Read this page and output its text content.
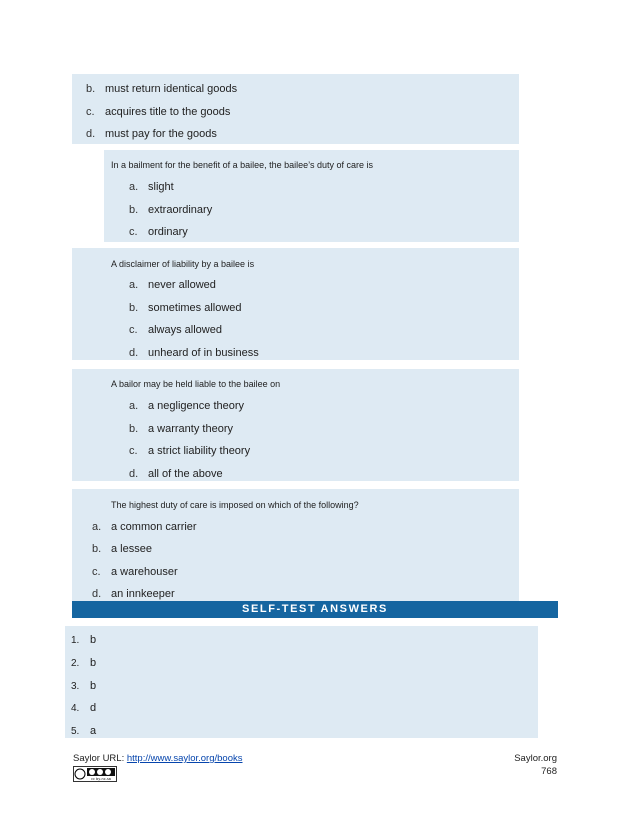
b. must return identical goods
c. acquires title to the goods
d. must pay for the goods
In a bailment for the benefit of a bailee, the bailee’s duty of care is
a. slight
b. extraordinary
c. ordinary
A disclaimer of liability by a bailee is
a. never allowed
b. sometimes allowed
c. always allowed
d. unheard of in business
A bailor may be held liable to the bailee on
a. a negligence theory
b. a warranty theory
c. a strict liability theory
d. all of the above
The highest duty of care is imposed on which of the following?
a. a common carrier
b. a lessee
c. a warehouser
d. an innkeeper
SELF-TEST ANSWERS
1. b
2. b
3. b
4. d
5. a
Saylor URL: http://www.saylor.org/books
cc by-nc-sa
Saylor.org
768
